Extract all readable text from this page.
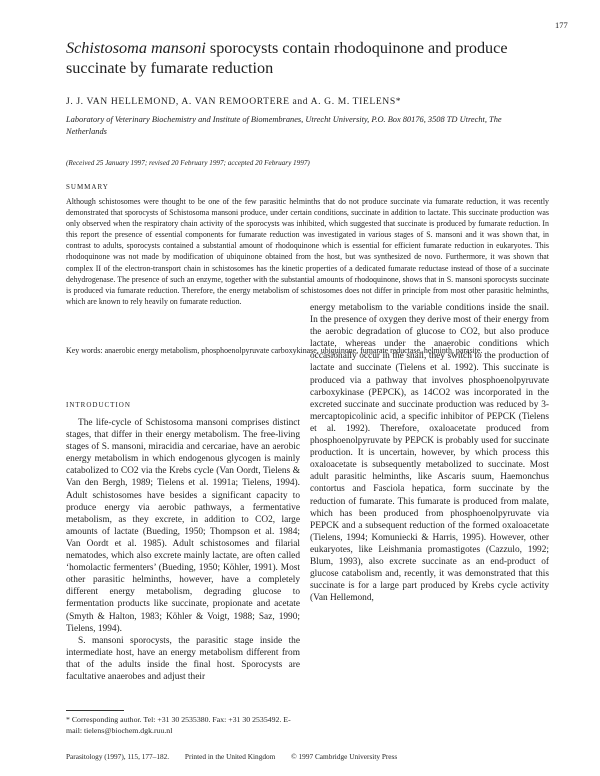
177
Schistosoma mansoni sporocysts contain rhodoquinone and produce succinate by fumarate reduction
J. J. VAN HELLEMOND, A. VAN REMOORTERE and A. G. M. TIELENS*
Laboratory of Veterinary Biochemistry and Institute of Biomembranes, Utrecht University, P.O. Box 80176, 3508 TD Utrecht, The Netherlands
(Received 25 January 1997; revised 20 February 1997; accepted 20 February 1997)
SUMMARY
Although schistosomes were thought to be one of the few parasitic helminths that do not produce succinate via fumarate reduction, it was recently demonstrated that sporocysts of Schistosoma mansoni produce, under certain conditions, succinate in addition to lactate. This succinate production was only observed when the respiratory chain activity of the sporocysts was inhibited, which suggested that succinate is produced by fumarate reduction. In this report the presence of essential components for fumarate reduction was investigated in various stages of S. mansoni and it was shown that, in contrast to adults, sporocysts contained a substantial amount of rhodoquinone which is essential for efficient fumarate reduction in eukaryotes. This rhodoquinone was not made by modification of ubiquinone obtained from the host, but was synthesized de novo. Furthermore, it was shown that complex II of the electron-transport chain in schistosomes has the kinetic properties of a dedicated fumarate reductase instead of those of a succinate dehydrogenase. The presence of such an enzyme, together with the substantial amounts of rhodoquinone, shows that in S. mansoni sporocysts succinate is produced via fumarate reduction. Therefore, the energy metabolism of schistosomes does not differ in principle from most other parasitic helminths, which are known to rely heavily on fumarate reduction.
Key words: anaerobic energy metabolism, phosphoenolpyruvate carboxykinase, ubiquinone, fumarate reductase, helminth, parasite.
INTRODUCTION

The life-cycle of Schistosoma mansoni comprises distinct stages, that differ in their energy metabolism. The free-living stages of S. mansoni, miracidia and cercariae, have an aerobic energy metabolism in which endogenous glycogen is mainly catabolized to CO2 via the Krebs cycle (Van Oordt, Tielens & Van den Bergh, 1989; Tielens et al. 1991a; Tielens, 1994). Adult schistosomes have besides a significant capacity to produce energy via aerobic pathways, a fermentative metabolism, as they excrete, in addition to CO2, large amounts of lactate (Bueding, 1950; Thompson et al. 1984; Van Oordt et al. 1985). Adult schistosomes and filarial nematodes, which also excrete mainly lactate, are often called ‘homolactic fermenters’ (Bueding, 1950; Köhler, 1991). Most other parasitic helminths, however, have a completely different energy metabolism, degrading glucose to fermentation products like succinate, propionate and acetate (Smyth & Halton, 1983; Köhler & Voigt, 1988; Saz, 1990; Tielens, 1994).

S. mansoni sporocysts, the parasitic stage inside the intermediate host, have an energy metabolism different from that of the adults inside the final host. Sporocysts are facultative anaerobes and adjust their

energy metabolism to the variable conditions inside the snail. In the presence of oxygen they derive most of their energy from the aerobic degradation of glucose to CO2, but also produce lactate, whereas under the anaerobic conditions which occasionally occur in the snail, they switch to the production of lactate and succinate (Tielens et al. 1992). This succinate is produced via a pathway that involves phosphoenolpyruvate carboxykinase (PEPCK), as 14CO2 was incorporated in the excreted succinate and succinate production was reduced by 3-mercaptopicolinic acid, a specific inhibitor of PEPCK (Tielens et al. 1992). Therefore, oxaloacetate produced from phosphoenolpyruvate by PEPCK is probably used for succinate production. It is uncertain, however, by which process this oxaloacetate is subsequently metabolized to succinate. Most adult parasitic helminths, like Ascaris suum, Haemonchus contortus and Fasciola hepatica, form succinate by the reduction of fumarate. This fumarate is produced from malate, which has been produced from phosphoenolpyruvate via PEPCK and a subsequent reduction of the formed oxaloacetate (Tielens, 1994; Komuniecki & Harris, 1995). However, other eukaryotes, like Leishmania promastigotes (Cazzulo, 1992; Blum, 1993), also excrete succinate as an end-product of glucose catabolism and, recently, it was demonstrated that this succinate is for a large part produced by Krebs cycle activity (Van Hellemond,

* Corresponding author. Tel: +31 30 2535380. Fax: +31 30 2535492. E-mail: tielens@biochem.dgk.ruu.nl
Parasitology (1997), 115, 177–182. Printed in the United Kingdom © 1997 Cambridge University Press
